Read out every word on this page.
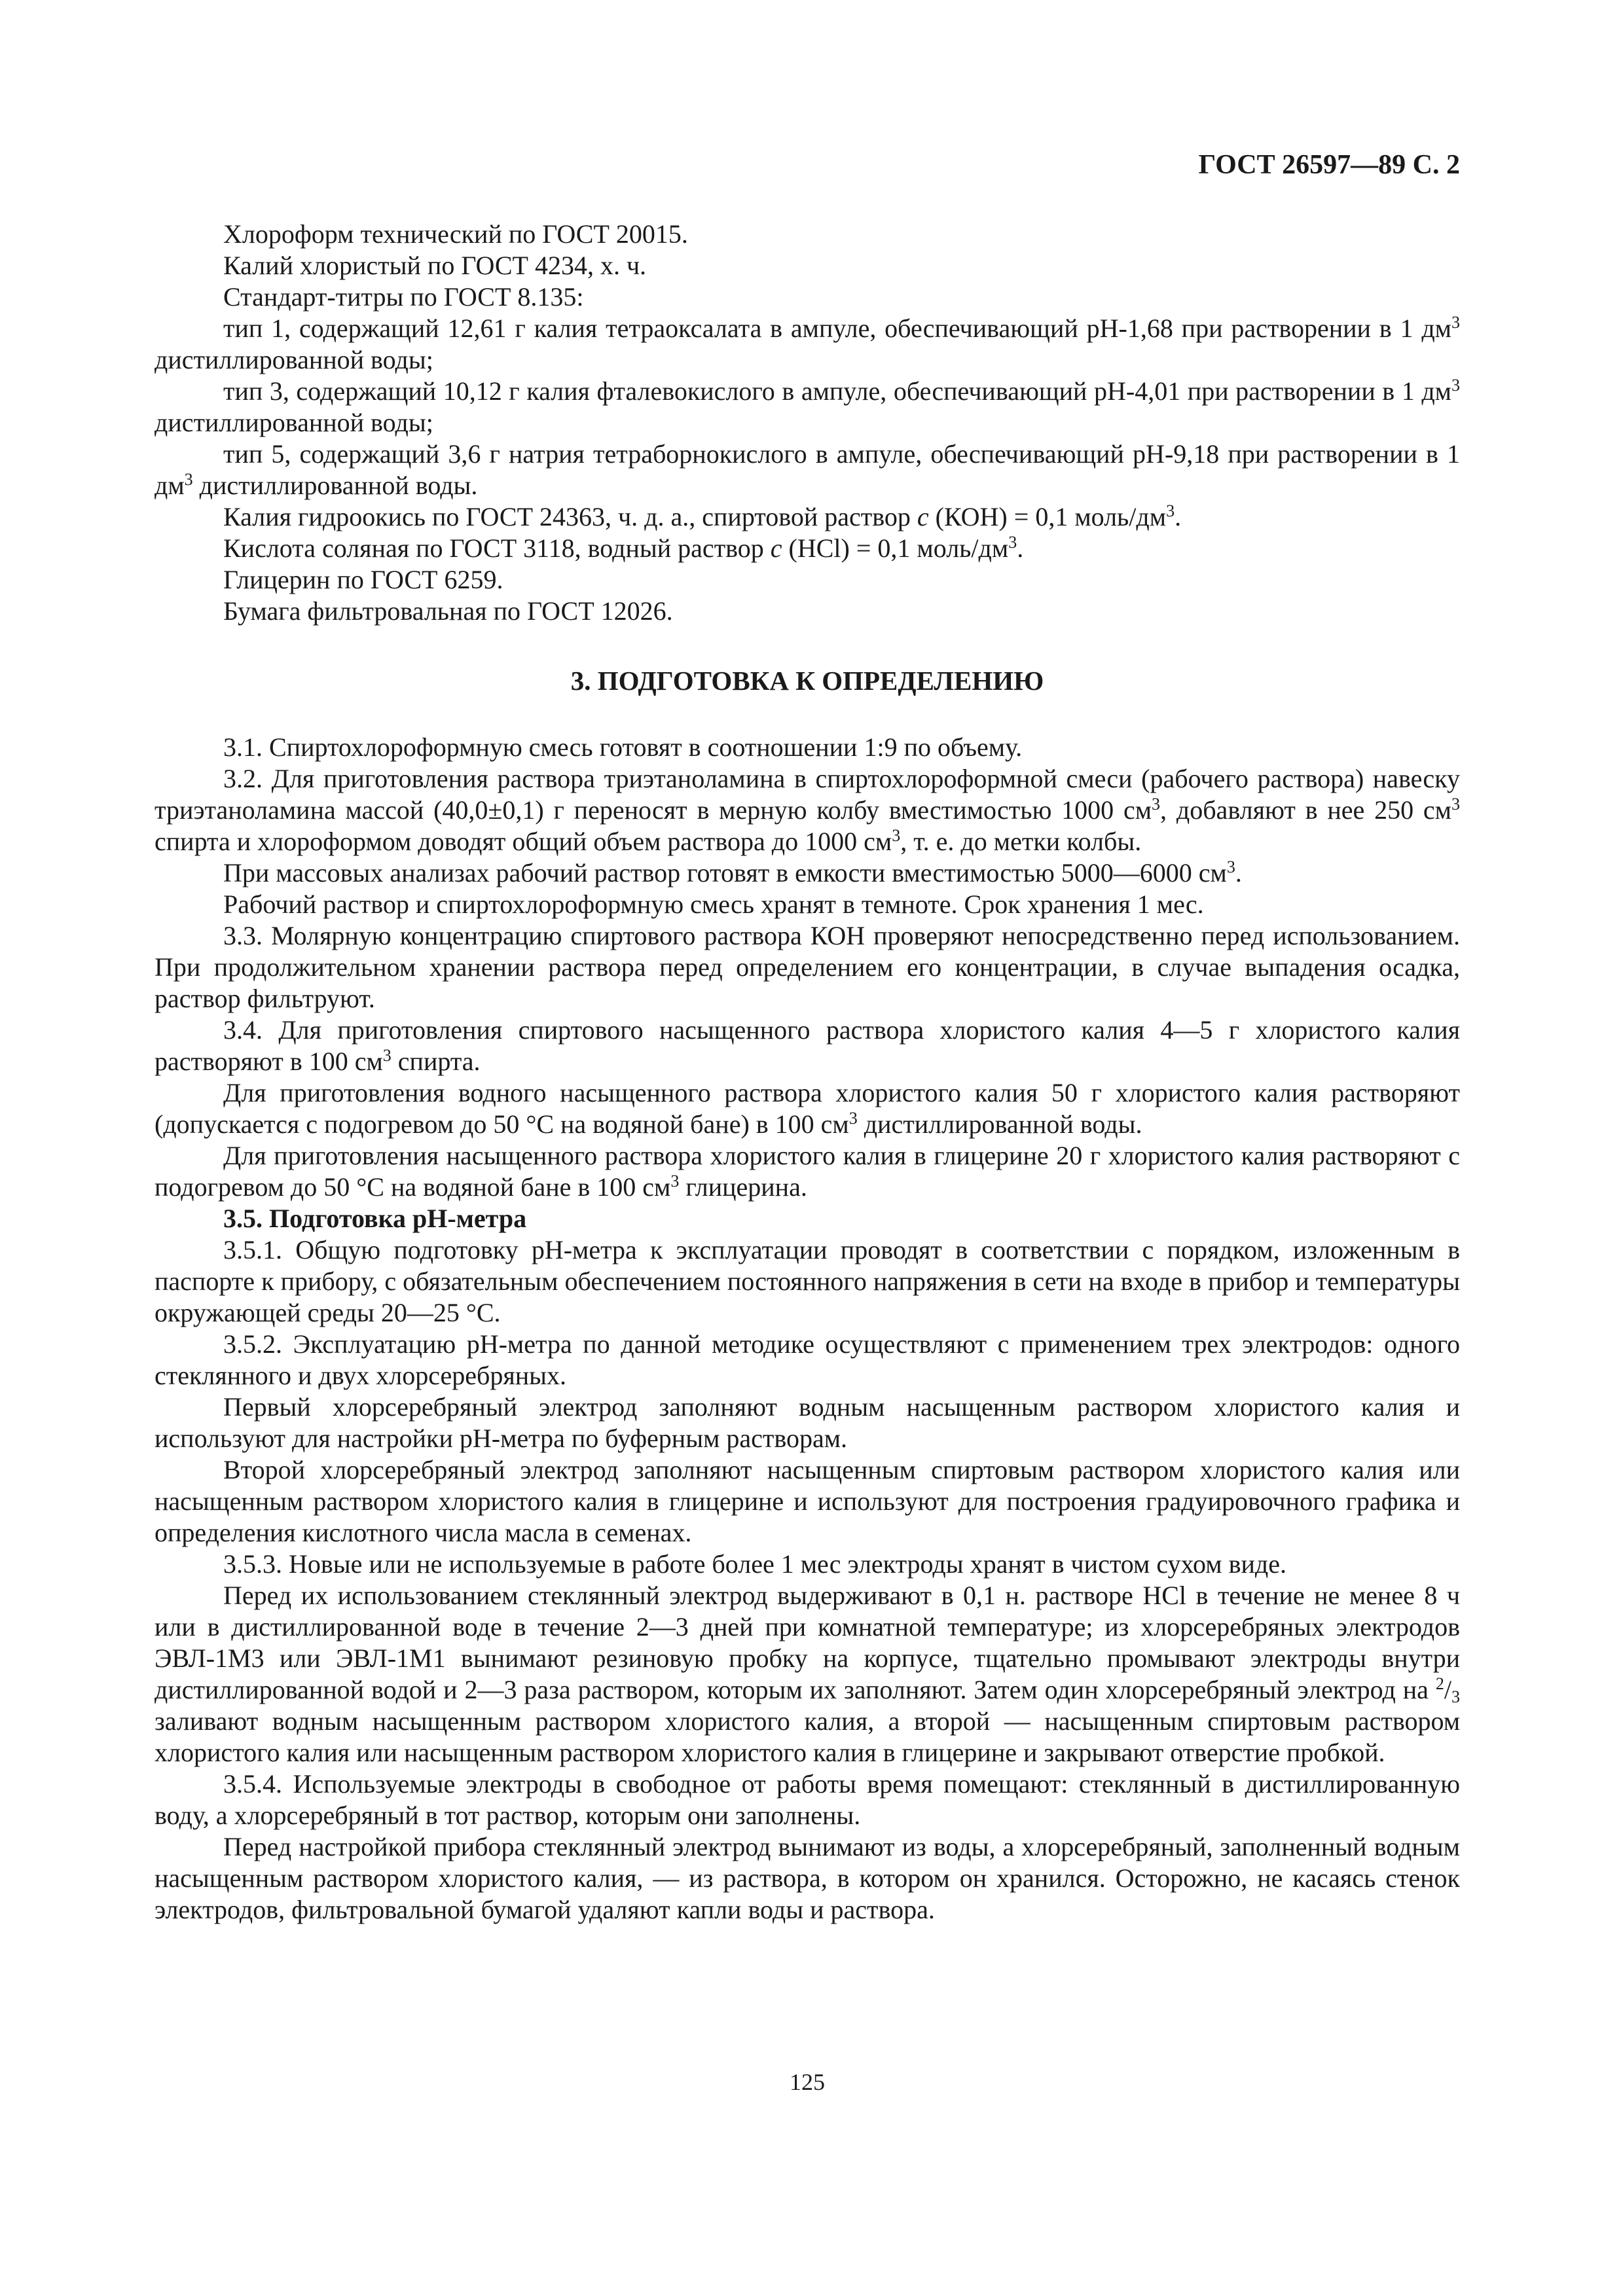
ГОСТ 26597—89 С. 2

Хлороформ технический по ГОСТ 20015.

Калий хлористый по ГОСТ 4234, х. ч.

Стандарт-титры по ГОСТ 8.135:

тип 1, содержащий 12,61 г калия тетраоксалата в ампуле, обеспечивающий рН-1,68 при растворении в 1 $дм^3$ дистиллированной воды;

тип 3, содержащий 10,12 г калия фталевокислого в ампуле, обеспечивающий рН-4,01 при растворении в 1 $дм^3$ дистиллированной воды;

тип 5, содержащий 3,6 г натрия тетраборнокислого в ампуле, обеспечивающий рН-9,18 при растворении в 1 $дм^3$ дистиллированной воды.

Калия гидроокись по ГОСТ 24363, ч. д. а., спиртовой раствор с (КОН) = 0,1 моль/$дм^3$.

Кислота соляная по ГОСТ 3118, водный раствор с (НСl) = 0,1 моль/$дм^3$.

Глицерин по ГОСТ 6259.

Бумага фильтровальная по ГОСТ 12026.

3. ПОДГОТОВКА К ОПРЕДЕЛЕНИЮ

3.1. Спиртохлороформную смесь готовят в соотношении 1:9 по объему.

3.2. Для приготовления раствора триэтаноламина в спиртохлороформной смеси (рабочего раствора) навеску триэтаноламина массой (40,0±0,1) г переносят в мерную колбу вместимостью 1000 $см^3$, добавляют в нее 250 $см^3$ спирта и хлороформом доводят общий объем раствора до 1000 $см^3$, т. е. до метки колбы.

При массовых анализах рабочий раствор готовят в емкости вместимостью 5000—6000 $см^3$.

Рабочий раствор и спиртохлороформную смесь хранят в темноте. Срок хранения 1 мес.

3.3. Молярную концентрацию спиртового раствора КОН проверяют непосредственно перед использованием. При продолжительном хранении раствора перед определением его концентрации, в случае выпадения осадка, раствор фильтруют.

3.4. Для приготовления спиртового насыщенного раствора хлористого калия 4—5 г хлористого калия растворяют в 100 $см^3$ спирта.

Для приготовления водного насыщенного раствора хлористого калия 50 г хлористого калия растворяют (допускается с подогревом до 50 °С на водяной бане) в 100 $см^3$ дистиллированной воды.

Для приготовления насыщенного раствора хлористого калия в глицерине 20 г хлористого калия растворяют с подогревом до 50 °С на водяной бане в 100 $см^3$ глицерина.

3.5. Подготовка рН-метра

3.5.1. Общую подготовку рН-метра к эксплуатации проводят в соответствии с порядком, изложенным в паспорте к прибору, с обязательным обеспечением постоянного напряжения в сети на входе в прибор и температуры окружающей среды 20—25 °С.

3.5.2. Эксплуатацию рН-метра по данной методике осуществляют с применением трех электродов: одного стеклянного и двух хлорсеребряных.

Первый хлорсеребряный электрод заполняют водным насыщенным раствором хлористого калия и используют для настройки рН-метра по буферным растворам.

Второй хлорсеребряный электрод заполняют насыщенным спиртовым раствором хлористого калия или насыщенным раствором хлористого калия в глицерине и используют для построения градуировочного графика и определения кислотного числа масла в семенах.

3.5.3. Новые или не используемые в работе более 1 мес электроды хранят в чистом сухом виде.

Перед их использованием стеклянный электрод выдерживают в 0,1 н. растворе НСl в течение не менее 8 ч или в дистиллированной воде в течение 2—3 дней при комнатной температуре; из хлорсеребряных электродов ЭВЛ-1М3 или ЭВЛ-1М1 вынимают резиновую пробку на корпусе, тщательно промывают электроды внутри дистиллированной водой и 2—3 раза раствором, которым их заполняют. Затем один хлорсеребряный электрод на $^2/_3$ заливают водным насыщенным раствором хлористого калия, а второй — насыщенным спиртовым раствором хлористого калия или насыщенным раствором хлористого калия в глицерине и закрывают отверстие пробкой.

3.5.4. Используемые электроды в свободное от работы время помещают: стеклянный в дистиллированную воду, а хлорсеребряный в тот раствор, которым они заполнены.

Перед настройкой прибора стеклянный электрод вынимают из воды, а хлорсеребряный, заполненный водным насыщенным раствором хлористого калия, — из раствора, в котором он хранился. Осторожно, не касаясь стенок электродов, фильтровальной бумагой удаляют капли воды и раствора.

125
